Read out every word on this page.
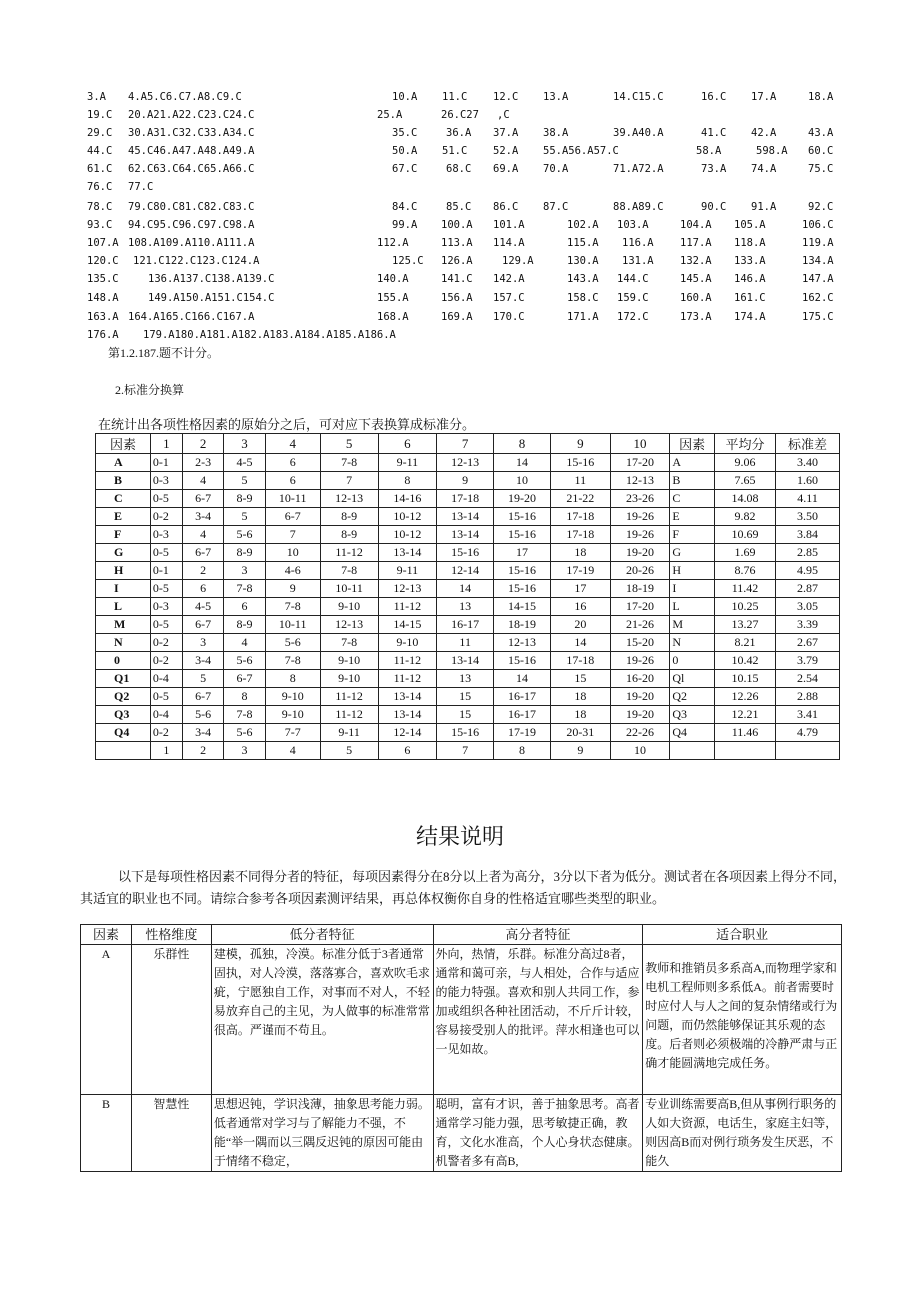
3.A 4.A5.C6.C7.A8.C9.C	10.A 11.C 12.C 13.A	14.C15.C	16.C 17.A	18.A
19.C 20.A21.A22.C23.C24.C	25.A	26.C27 ,C
29.C 30.A31.C32.C33.A34.C	35.C	36.A 37.A 38.A	39.A40.A	41.C 42.A	43.A
44.C 45.C46.A47.A48.A49.A	50.A 51.C 52.A 55.A56.A57.C	58.A	598.A 60.C
61.C 62.C63.C64.C65.A66.C	67.C	68.C 69.A 70.A	71.A72.A	73.A 74.A	75.C
76.C 77.C
78.C 79.C80.C81.C82.C83.C	84.C	85.C 86.C 87.C	88.A89.C	90.C 91.A	92.C
93.C 94.C95.C96.C97.C98.A	99.A 100.A 101.A	102.A 103.A	104.A 105.A	106.C
107.A 108.A109.A110.A111.A	112.A	113.A 114.A	115.A 116.A	117.A 118.A	119.A
120.C 121.C122.C123.C124.A	125.C 126.A	129.A	130.A 131.A	132.A 133.A	134.A
135.C	136.A137.C138.A139.C	140.A	141.C 142.A	143.A 144.C	145.A 146.A	147.A
148.A	149.A150.A151.C154.C	155.A	156.A 157.C	158.C 159.C	160.A 161.C	162.C
163.A 164.A165.C166.C167.A	168.A	169.A 170.C	171.A 172.C	173.A 174.A	175.C
176.A 179.A180.A181.A182.A183.A184.A185.A186.A
第1.2.187.题不计分。
2.标准分换算
在统计出各项性格因素的原始分之后，可对应下表换算成标准分。
因素	1	2	3	4	5	6	7	8	9	10	因素	平均分	标准差
A	0-1	2-3	4-5	6	7-8	9-11	12-13	14	15-16	17-20	A	9.06	3.40
B	0-3	4	5	6	7	8	9	10	11	12-13	B	7.65	1.60
C	0-5	6-7	8-9	10-11	12-13	14-16	17-18	19-20	21-22	23-26	C	14.08	4.11
E	0-2	3-4	5	6-7	8-9	10-12	13-14	15-16	17-18	19-26	E	9.82	3.50
F	0-3	4	5-6	7	8-9	10-12	13-14	15-16	17-18	19-26	F	10.69	3.84
G	0-5	6-7	8-9	10	11-12	13-14	15-16	17	18	19-20	G	1.69	2.85
H	0-1	2	3	4-6	7-8	9-11	12-14	15-16	17-19	20-26	H	8.76	4.95
I	0-5	6	7-8	9	10-11	12-13	14	15-16	17	18-19	I	11.42	2.87
L	0-3	4-5	6	7-8	9-10	11-12	13	14-15	16	17-20	L	10.25	3.05
M	0-5	6-7	8-9	10-11	12-13	14-15	16-17	18-19	20	21-26	M	13.27	3.39
N	0-2	3	4	5-6	7-8	9-10	11	12-13	14	15-20	N	8.21	2.67
0	0-2	3-4	5-6	7-8	9-10	11-12	13-14	15-16	17-18	19-26	0	10.42	3.79
Q1	0-4	5	6-7	8	9-10	11-12	13	14	15	16-20	Ql	10.15	2.54
Q2	0-5	6-7	8	9-10	11-12	13-14	15	16-17	18	19-20	Q2	12.26	2.88
Q3	0-4	5-6	7-8	9-10	11-12	13-14	15	16-17	18	19-20	Q3	12.21	3.41
Q4	0-2	3-4	5-6	7-7	9-11	12-14	15-16	17-19	20-31	22-26	Q4	11.46	4.79
	1	2	3	4	5	6	7	8	9	10			
结果说明
以下是每项性格因素不同得分者的特征，每项因素得分在8分以上者为高分，3分以下者为低分。测试者在各项因素上得分不同，其适宜的职业也不同。请综合参考各项因素测评结果，再总体权衡你自身的性格适宜哪些类型的职业。
因素	性格维度	低分者特征	高分者特征	适合职业
A	乐群性	建模，孤独，冷漠。标准分低于3者通常固执，对人冷漠，落落寡合，喜欢吹毛求疵，宁愿独自工作，对事而不对人，不轻易放弃自己的主见，为人做事的标准常常很高。严谨而不苟且。	外向，热情，乐群。标准分高过8者，通常和蔼可亲，与人相处，合作与适应的能力特强。喜欢和别人共同工作，参加或组织各种社团活动，不斤斤计较，容易接受别人的批评。萍水相逢也可以一见如故。	教师和推销员多系高A,而物理学家和电机工程师则多系低A。前者需要时时应付人与人之间的复杂情绪或行为问题，而仍然能够保证其乐观的态度。后者则必须极端的冷静严肃与正确才能圆满地完成任务。
B	智慧性	思想迟钝，学识浅薄，抽象思考能力弱。低者通常对学习与了解能力不强，不能“举一隅而以三隅反迟钝的原因可能由于情绪不稳定，	聪明，富有才识，善于抽象思考。高者通常学习能力强，思考敏捷正确，教育，文化水准高，个人心身状态健康。机警者多有高B,	专业训练需要高B,但从事例行职务的人如大资源，电话生，家庭主妇等，则因高B而对例行琐务发生厌恶，不能久
